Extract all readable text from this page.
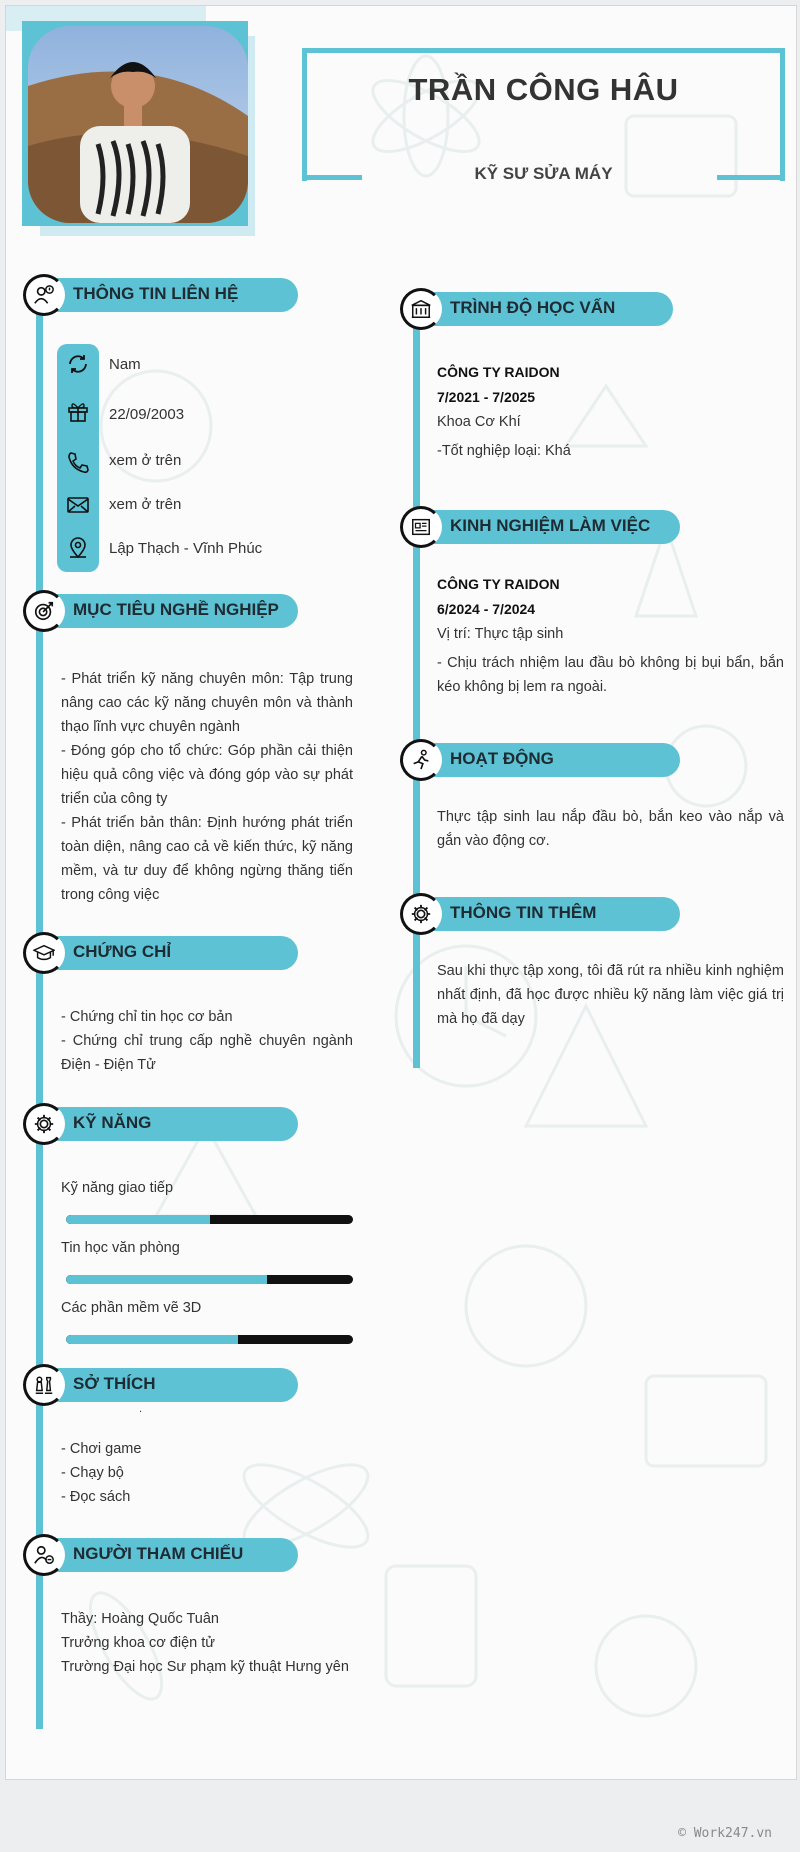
TRẦN CÔNG HÂU
KỸ SƯ SỬA MÁY
THÔNG TIN LIÊN HỆ
Nam
22/09/2003
xem ở trên
xem ở trên
Lập Thạch - Vĩnh Phúc
MỤC TIÊU NGHỀ NGHIỆP
- Phát triển kỹ năng chuyên môn: Tập trung nâng cao các kỹ năng chuyên môn và thành thạo lĩnh vực chuyên ngành
- Đóng góp cho tổ chức: Góp phần cải thiện hiệu quả công việc và đóng góp vào sự phát triển của công ty
- Phát triển bản thân: Định hướng phát triển toàn diện, nâng cao cả về kiến thức, kỹ năng mềm, và tư duy để không ngừng thăng tiến trong công việc
CHỨNG CHỈ
- Chứng chỉ tin học cơ bản
- Chứng chỉ trung cấp nghề chuyên ngành Điện - Điện Tử
KỸ NĂNG
Kỹ năng giao tiếp
Tin học văn phòng
Các phần mềm vẽ 3D
SỞ THÍCH
.
- Chơi game
- Chạy bộ
- Đọc sách
NGƯỜI THAM CHIẾU
Thầy: Hoàng Quốc Tuân
Trưởng khoa cơ điện tử
Trường Đại học Sư phạm kỹ thuật Hưng yên
TRÌNH ĐỘ HỌC VẤN
CÔNG TY RAIDON
7/2021 - 7/2025
Khoa Cơ Khí
-Tốt nghiệp loại: Khá
KINH NGHIỆM LÀM VIỆC
CÔNG TY RAIDON
6/2024 - 7/2024
Vị trí: Thực tập sinh
- Chịu trách nhiệm lau đầu bò không bị bụi bẩn, bắn kéo không bị lem ra ngoài.
HOẠT ĐỘNG
Thực tập sinh lau nắp đầu bò, bắn keo vào nắp và gắn vào động cơ.
THÔNG TIN THÊM
Sau khi thực tập xong, tôi đã rút ra nhiều kinh nghiệm nhất định, đã học được nhiều kỹ năng làm việc giá trị mà họ đã dạy
© Work247.vn
